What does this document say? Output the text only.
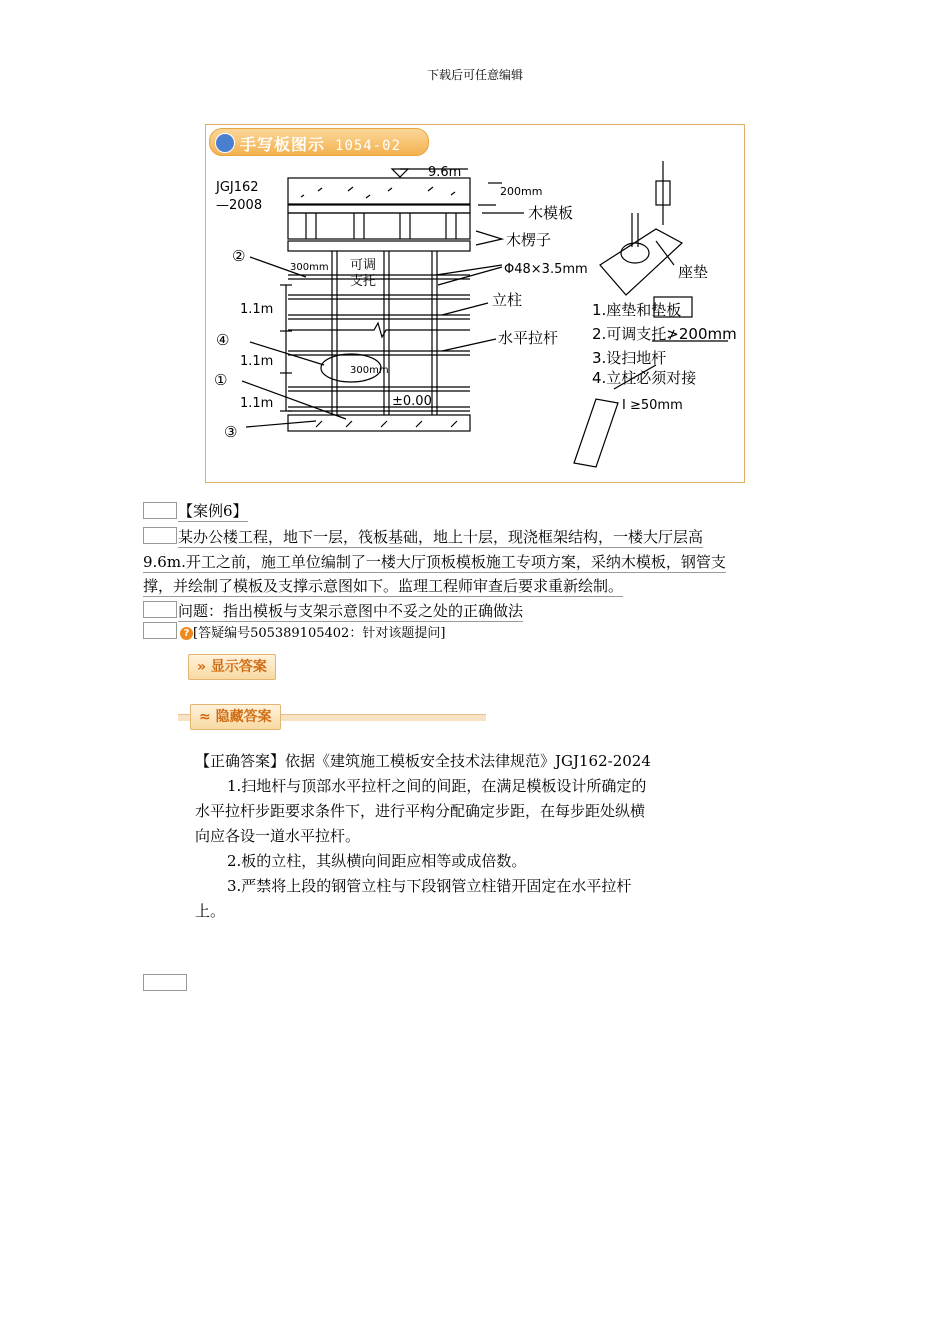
下载后可任意编辑
手写板图示 1054-02
JGJ162
—2008
9.6m
200mm
木模板
木楞子
②
300mm 可调
支托
Φ48×3.5mm
立柱
1.1m
④	水平拉杆
1.1m
300mm
①
1.1m	±0.00
③
座垫
1.座垫和垫板
2.可调支托≯200mm
3.设扫地杆
4.立柱必须对接
I ≥50mm
【案例6】
某办公楼工程，地下一层，筏板基础，地上十层，现浇框架结构，一楼大厅层高
9.6m.开工之前，施工单位编制了一楼大厅顶板模板施工专项方案，采纳木模板，钢管支
撑，并绘制了模板及支撑示意图如下。监理工程师审查后要求重新绘制。
问题：指出模板与支架示意图中不妥之处的正确做法
? [答疑编号505389105402：针对该题提问]
» 显示答案
≈ 隐藏答案
【正确答案】依据《建筑施工模板安全技术法律规范》JGJ162-2024
1.扫地杆与顶部水平拉杆之间的间距，在满足模板设计所确定的
水平拉杆步距要求条件下，进行平构分配确定步距，在每步距处纵横
向应各设一道水平拉杆。
2.板的立柱，其纵横向间距应相等或成倍数。
3.严禁将上段的钢管立柱与下段钢管立柱错开固定在水平拉杆
上。
